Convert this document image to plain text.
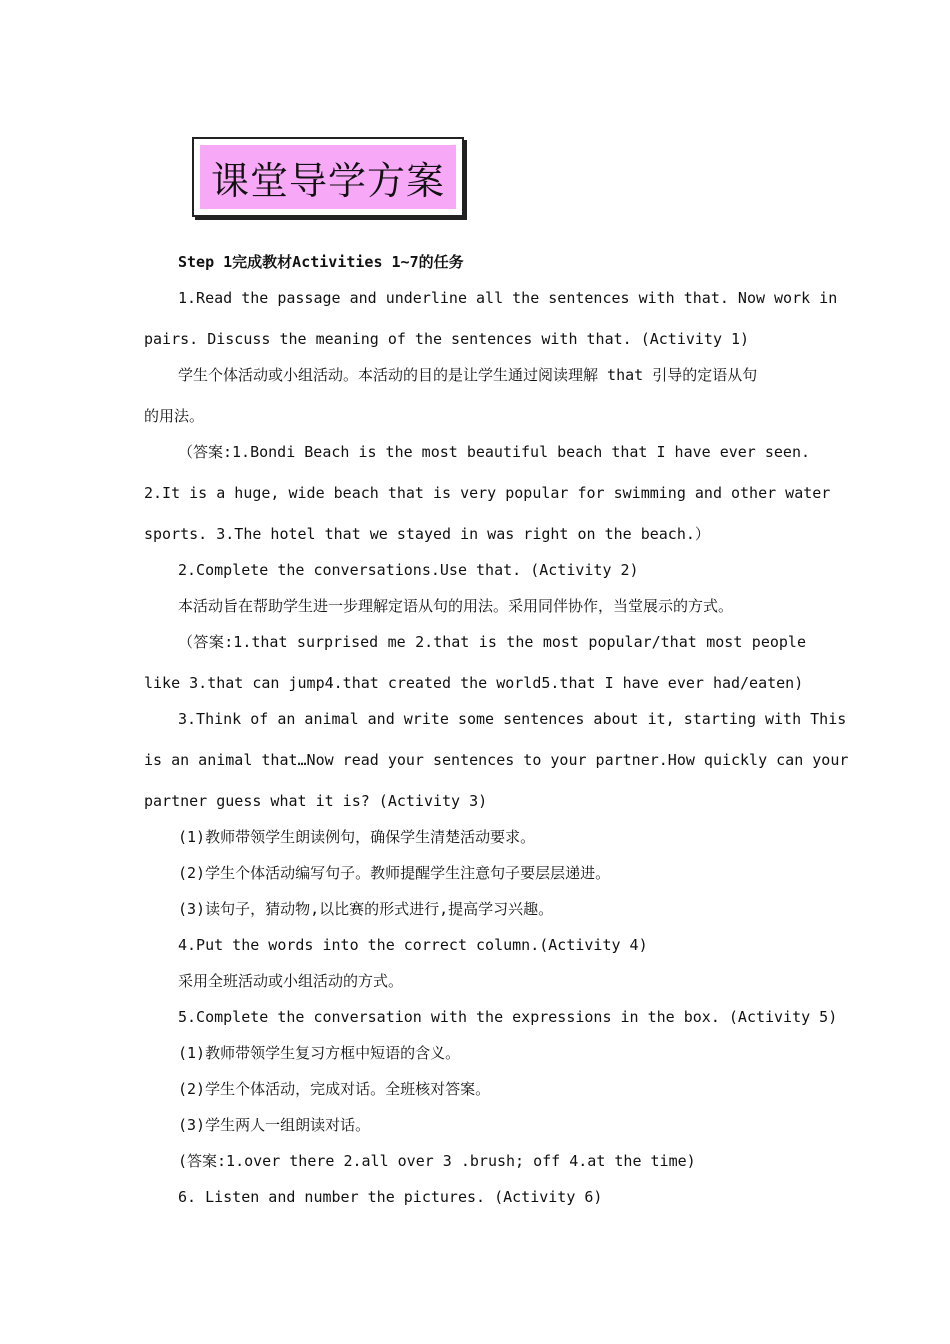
课堂导学方案
Step 1完成教材Activities 1~7的任务
1.Read the passage and underline all the sentences with that. Now work in
pairs. Discuss the meaning of the sentences with that. (Activity 1)
学生个体活动或小组活动。本活动的目的是让学生通过阅读理解 that 引导的定语从句
的用法。
（答案:1.Bondi Beach is the most beautiful beach that I have ever seen.
2.It is a huge, wide beach that is very popular for swimming and other water
sports. 3.The hotel that we stayed in was right on the beach.）
2.Complete the conversations.Use that. (Activity 2)
本活动旨在帮助学生进一步理解定语从句的用法。采用同伴协作，当堂展示的方式。
（答案:1.that surprised me 2.that is the most popular/that most people
like 3.that can jump4.that created the world5.that I have ever had/eaten)
3.Think of an animal and write some sentences about it, starting with This
is an animal that…Now read your sentences to your partner.How quickly can your
partner guess what it is? (Activity 3)
(1)教师带领学生朗读例句，确保学生清楚活动要求。
(2)学生个体活动编写句子。教师提醒学生注意句子要层层递进。
(3)读句子，猜动物,以比赛的形式进行,提高学习兴趣。
4.Put the words into the correct column.(Activity 4)
采用全班活动或小组活动的方式。
5.Complete the conversation with the expressions in the box. (Activity 5)
(1)教师带领学生复习方框中短语的含义。
(2)学生个体活动，完成对话。全班核对答案。
(3)学生两人一组朗读对话。
(答案:1.over there 2.all over 3 .brush; off 4.at the time)
6. Listen and number the pictures. (Activity 6)
